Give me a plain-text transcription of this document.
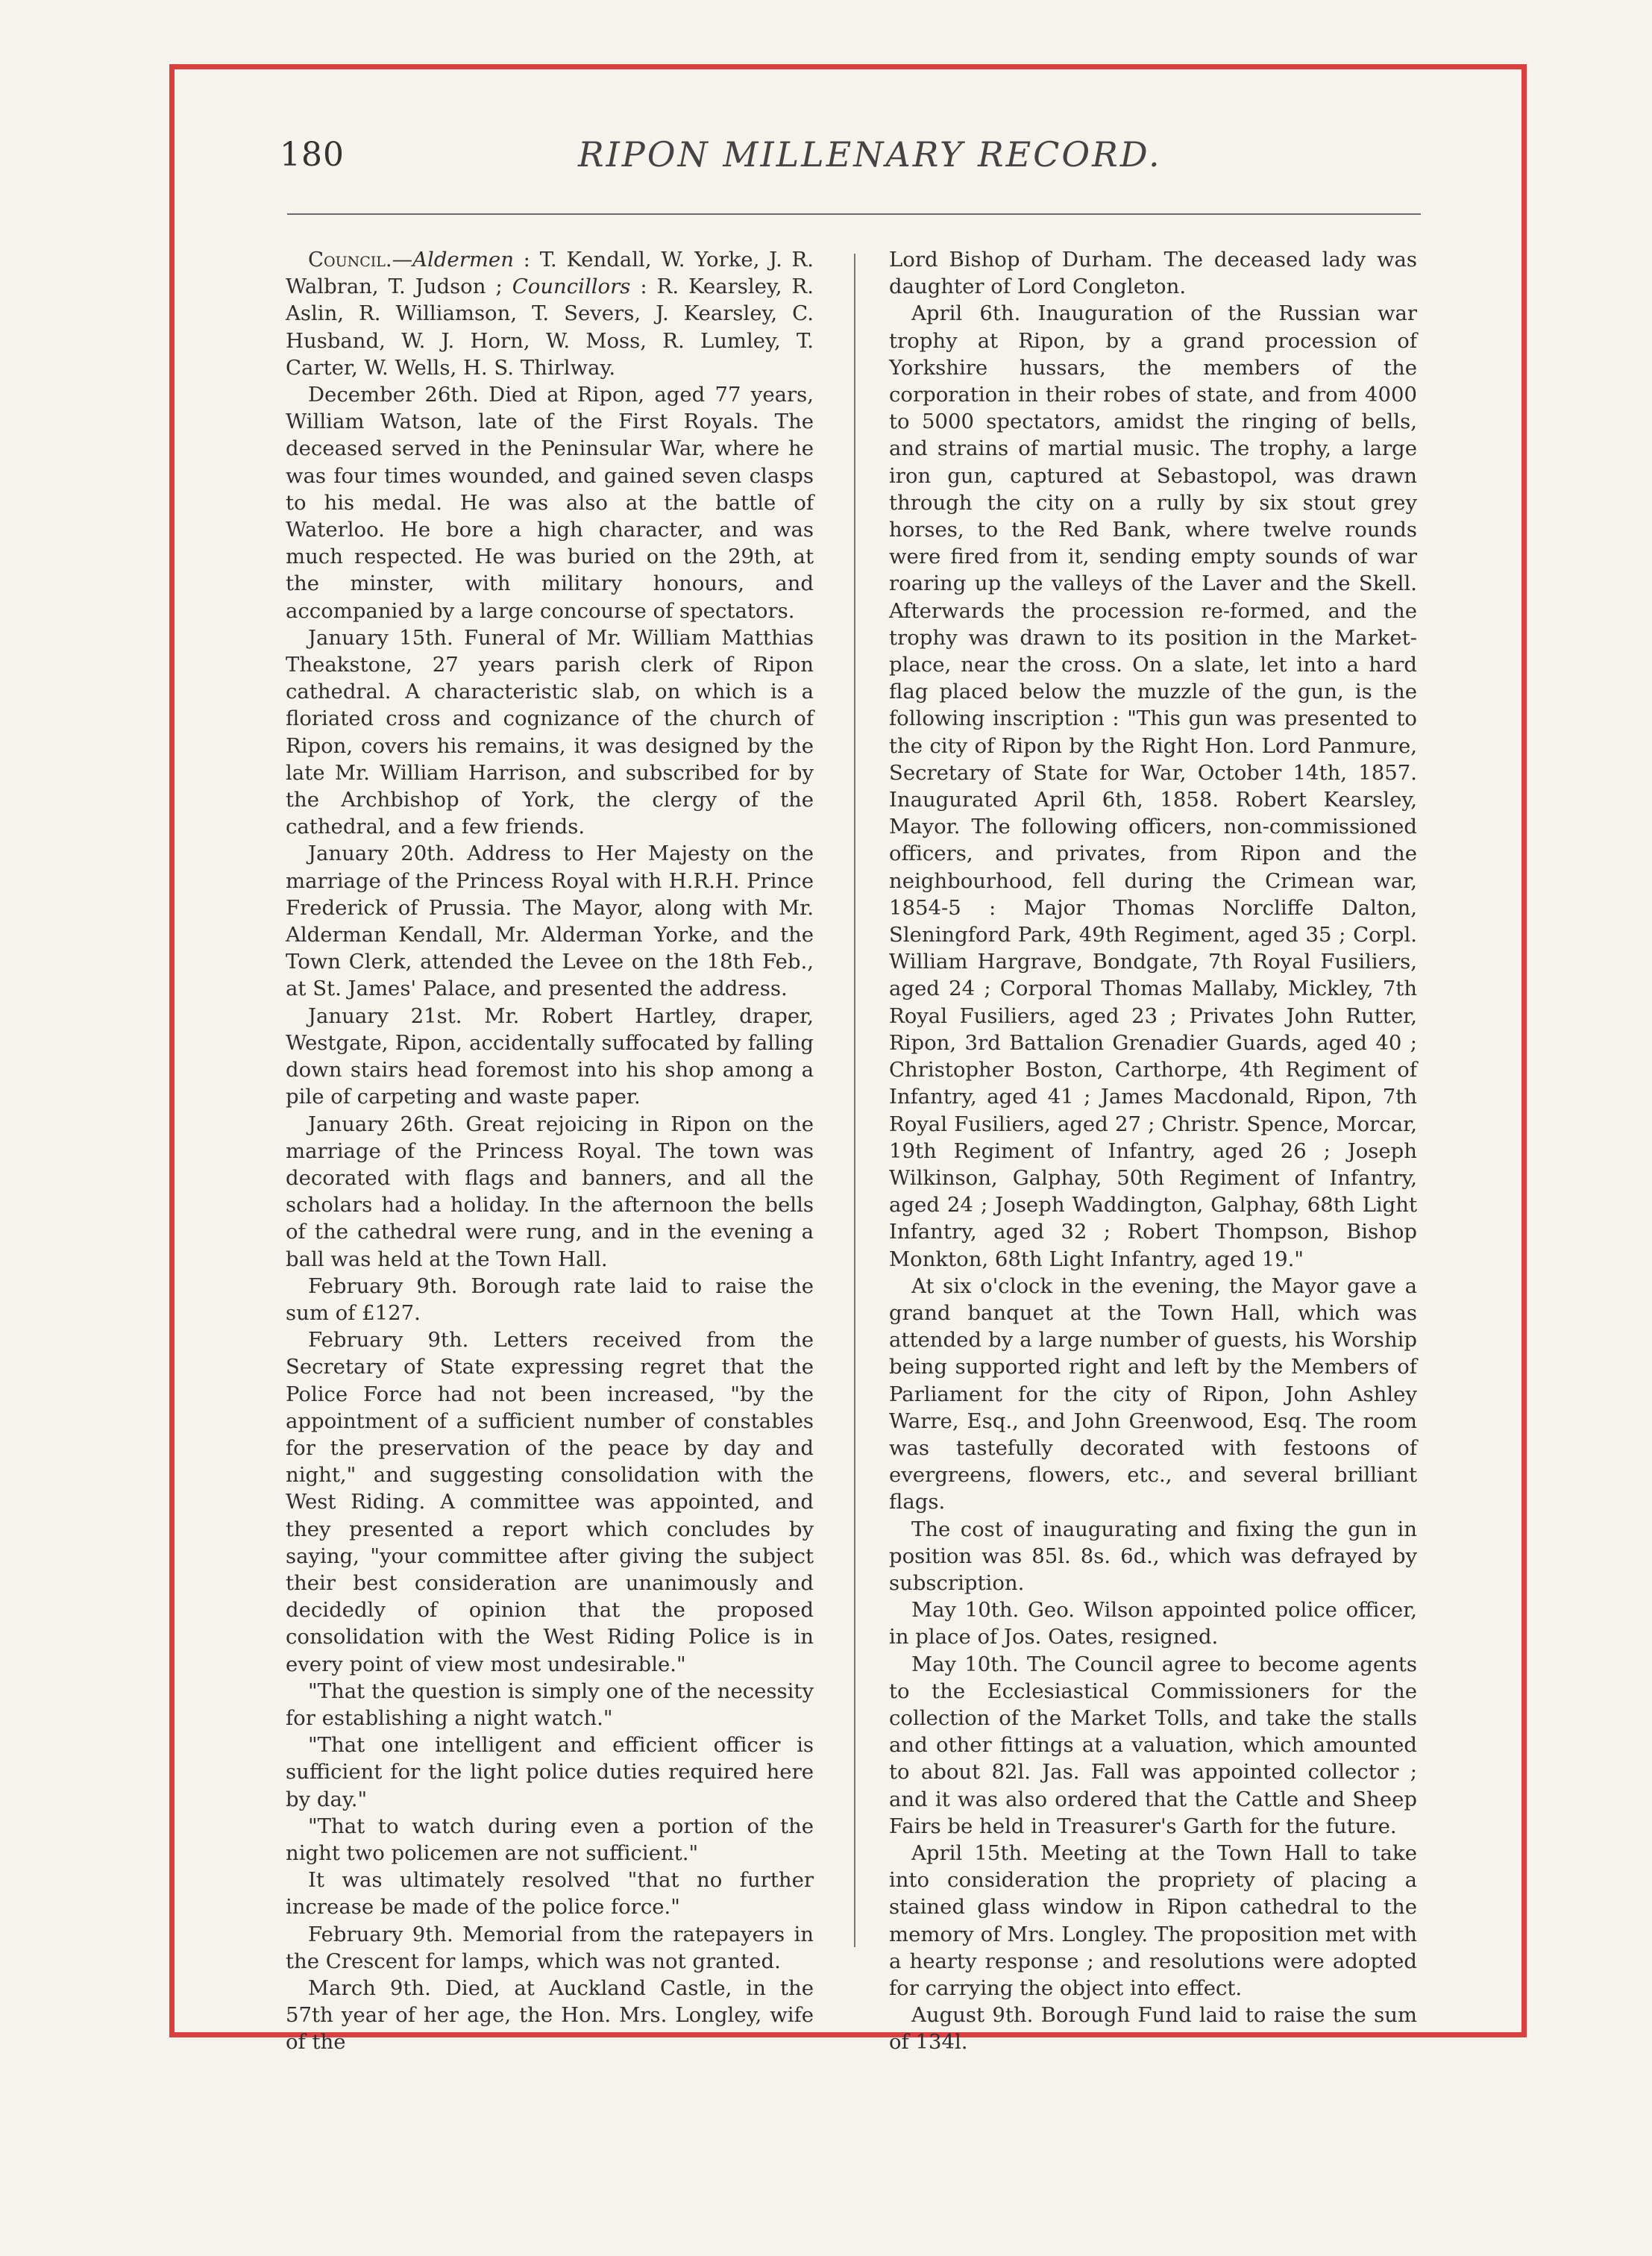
180	RIPON MILLENARY RECORD.

Council.—Aldermen : T. Kendall, W. Yorke, J. R. Walbran, T. Judson ; Councillors : R. Kearsley, R. Aslin, R. Williamson, T. Severs, J. Kearsley, C. Husband, W. J. Horn, W. Moss, R. Lumley, T. Carter, W. Wells, H. S. Thirlway.

December 26th. Died at Ripon, aged 77 years, William Watson, late of the First Royals. The deceased served in the Peninsular War, where he was four times wounded, and gained seven clasps to his medal. He was also at the battle of Waterloo. He bore a high character, and was much respected. He was buried on the 29th, at the minster, with military honours, and accompanied by a large concourse of spectators.

January 15th. Funeral of Mr. William Matthias Theakstone, 27 years parish clerk of Ripon cathedral. A characteristic slab, on which is a floriated cross and cognizance of the church of Ripon, covers his remains, it was designed by the late Mr. William Harrison, and subscribed for by the Archbishop of York, the clergy of the cathedral, and a few friends.

January 20th. Address to Her Majesty on the marriage of the Princess Royal with H.R.H. Prince Frederick of Prussia. The Mayor, along with Mr. Alderman Kendall, Mr. Alderman Yorke, and the Town Clerk, attended the Levee on the 18th Feb., at St. James' Palace, and presented the address.

January 21st. Mr. Robert Hartley, draper, Westgate, Ripon, accidentally suffocated by falling down stairs head foremost into his shop among a pile of carpeting and waste paper.

January 26th. Great rejoicing in Ripon on the marriage of the Princess Royal. The town was decorated with flags and banners, and all the scholars had a holiday. In the afternoon the bells of the cathedral were rung, and in the evening a ball was held at the Town Hall.

February 9th. Borough rate laid to raise the sum of £127.

February 9th. Letters received from the Secretary of State expressing regret that the Police Force had not been increased, "by the appointment of a sufficient number of constables for the preservation of the peace by day and night," and suggesting consolidation with the West Riding. A committee was appointed, and they presented a report which concludes by saying, "your committee after giving the subject their best consideration are unanimously and decidedly of opinion that the proposed consolidation with the West Riding Police is in every point of view most undesirable."

"That the question is simply one of the necessity for establishing a night watch."

"That one intelligent and efficient officer is sufficient for the light police duties required here by day."

"That to watch during even a portion of the night two policemen are not sufficient."

It was ultimately resolved "that no further increase be made of the police force."

February 9th. Memorial from the ratepayers in the Crescent for lamps, which was not granted.

March 9th. Died, at Auckland Castle, in the 57th year of her age, the Hon. Mrs. Longley, wife of the

Lord Bishop of Durham. The deceased lady was daughter of Lord Congleton.

April 6th. Inauguration of the Russian war trophy at Ripon, by a grand procession of Yorkshire hussars, the members of the corporation in their robes of state, and from 4000 to 5000 spectators, amidst the ringing of bells, and strains of martial music. The trophy, a large iron gun, captured at Sebastopol, was drawn through the city on a rully by six stout grey horses, to the Red Bank, where twelve rounds were fired from it, sending empty sounds of war roaring up the valleys of the Laver and the Skell. Afterwards the procession re-formed, and the trophy was drawn to its position in the Market-place, near the cross. On a slate, let into a hard flag placed below the muzzle of the gun, is the following inscription : "This gun was presented to the city of Ripon by the Right Hon. Lord Panmure, Secretary of State for War, October 14th, 1857. Inaugurated April 6th, 1858. Robert Kearsley, Mayor. The following officers, non-commissioned officers, and privates, from Ripon and the neighbourhood, fell during the Crimean war, 1854-5 : Major Thomas Norcliffe Dalton, Sleningford Park, 49th Regiment, aged 35 ; Corpl. William Hargrave, Bondgate, 7th Royal Fusiliers, aged 24 ; Corporal Thomas Mallaby, Mickley, 7th Royal Fusiliers, aged 23 ; Privates John Rutter, Ripon, 3rd Battalion Grenadier Guards, aged 40 ; Christopher Boston, Carthorpe, 4th Regiment of Infantry, aged 41 ; James Macdonald, Ripon, 7th Royal Fusiliers, aged 27 ; Christr. Spence, Morcar, 19th Regiment of Infantry, aged 26 ; Joseph Wilkinson, Galphay, 50th Regiment of Infantry, aged 24 ; Joseph Waddington, Galphay, 68th Light Infantry, aged 32 ; Robert Thompson, Bishop Monkton, 68th Light Infantry, aged 19."

At six o'clock in the evening, the Mayor gave a grand banquet at the Town Hall, which was attended by a large number of guests, his Worship being supported right and left by the Members of Parliament for the city of Ripon, John Ashley Warre, Esq., and John Greenwood, Esq. The room was tastefully decorated with festoons of evergreens, flowers, etc., and several brilliant flags.

The cost of inaugurating and fixing the gun in position was 85l. 8s. 6d., which was defrayed by subscription.

May 10th. Geo. Wilson appointed police officer, in place of Jos. Oates, resigned.

May 10th. The Council agree to become agents to the Ecclesiastical Commissioners for the collection of the Market Tolls, and take the stalls and other fittings at a valuation, which amounted to about 82l. Jas. Fall was appointed collector ; and it was also ordered that the Cattle and Sheep Fairs be held in Treasurer's Garth for the future.

April 15th. Meeting at the Town Hall to take into consideration the propriety of placing a stained glass window in Ripon cathedral to the memory of Mrs. Longley. The proposition met with a hearty response ; and resolutions were adopted for carrying the object into effect.

August 9th. Borough Fund laid to raise the sum of 134l.
